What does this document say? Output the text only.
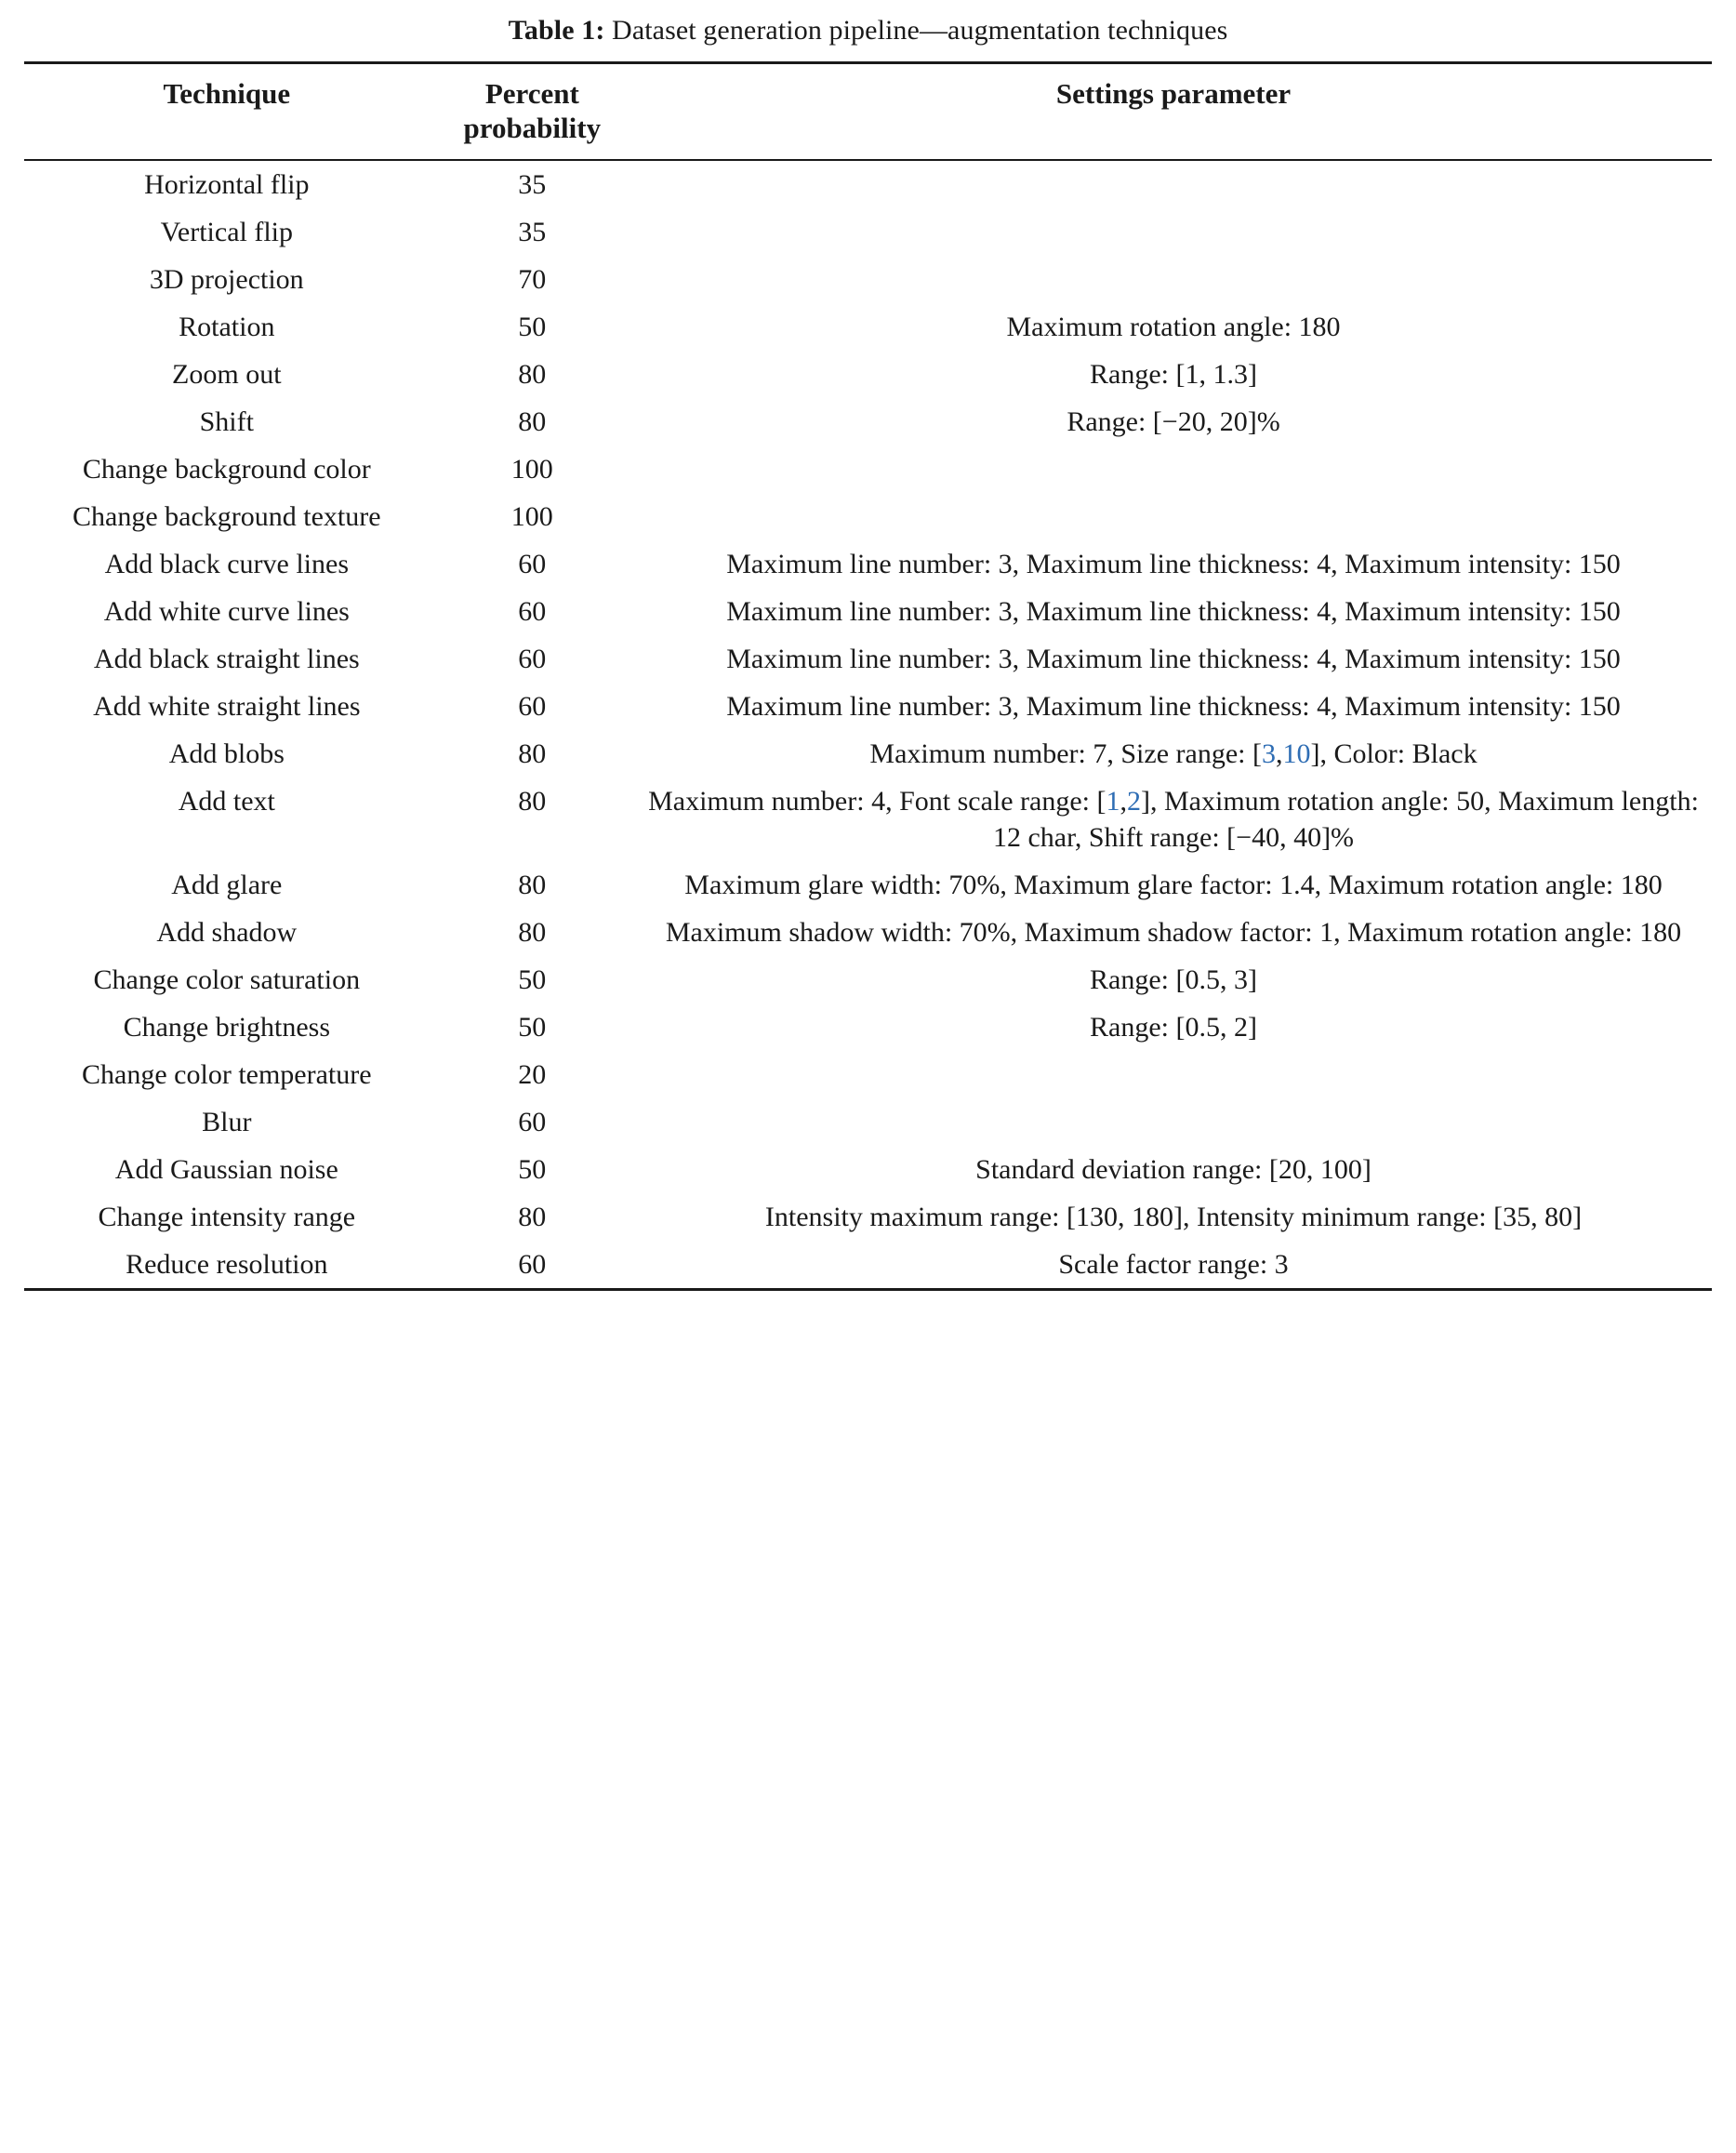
Table 1: Dataset generation pipeline—augmentation techniques

Technique	Percent probability	Settings parameter

Horizontal flip	35	
Vertical flip	35	
3D projection	70	
Rotation	50	Maximum rotation angle: 180
Zoom out	80	Range: [1, 1.3]
Shift	80	Range: [−20, 20]%
Change background color	100	
Change background texture	100	
Add black curve lines	60	Maximum line number: 3, Maximum line thickness: 4, Maximum intensity: 150
Add white curve lines	60	Maximum line number: 3, Maximum line thickness: 4, Maximum intensity: 150
Add black straight lines	60	Maximum line number: 3, Maximum line thickness: 4, Maximum intensity: 150
Add white straight lines	60	Maximum line number: 3, Maximum line thickness: 4, Maximum intensity: 150
Add blobs	80	Maximum number: 7, Size range: [3,10], Color: Black
Add text	80	Maximum number: 4, Font scale range: [1,2], Maximum rotation angle: 50, Maximum length: 12 char, Shift range: [−40, 40]%
Add glare	80	Maximum glare width: 70%, Maximum glare factor: 1.4, Maximum rotation angle: 180
Add shadow	80	Maximum shadow width: 70%, Maximum shadow factor: 1, Maximum rotation angle: 180
Change color saturation	50	Range: [0.5, 3]
Change brightness	50	Range: [0.5, 2]
Change color temperature	20	
Blur	60	
Add Gaussian noise	50	Standard deviation range: [20, 100]
Change intensity range	80	Intensity maximum range: [130, 180], Intensity minimum range: [35, 80]
Reduce resolution	60	Scale factor range: 3
